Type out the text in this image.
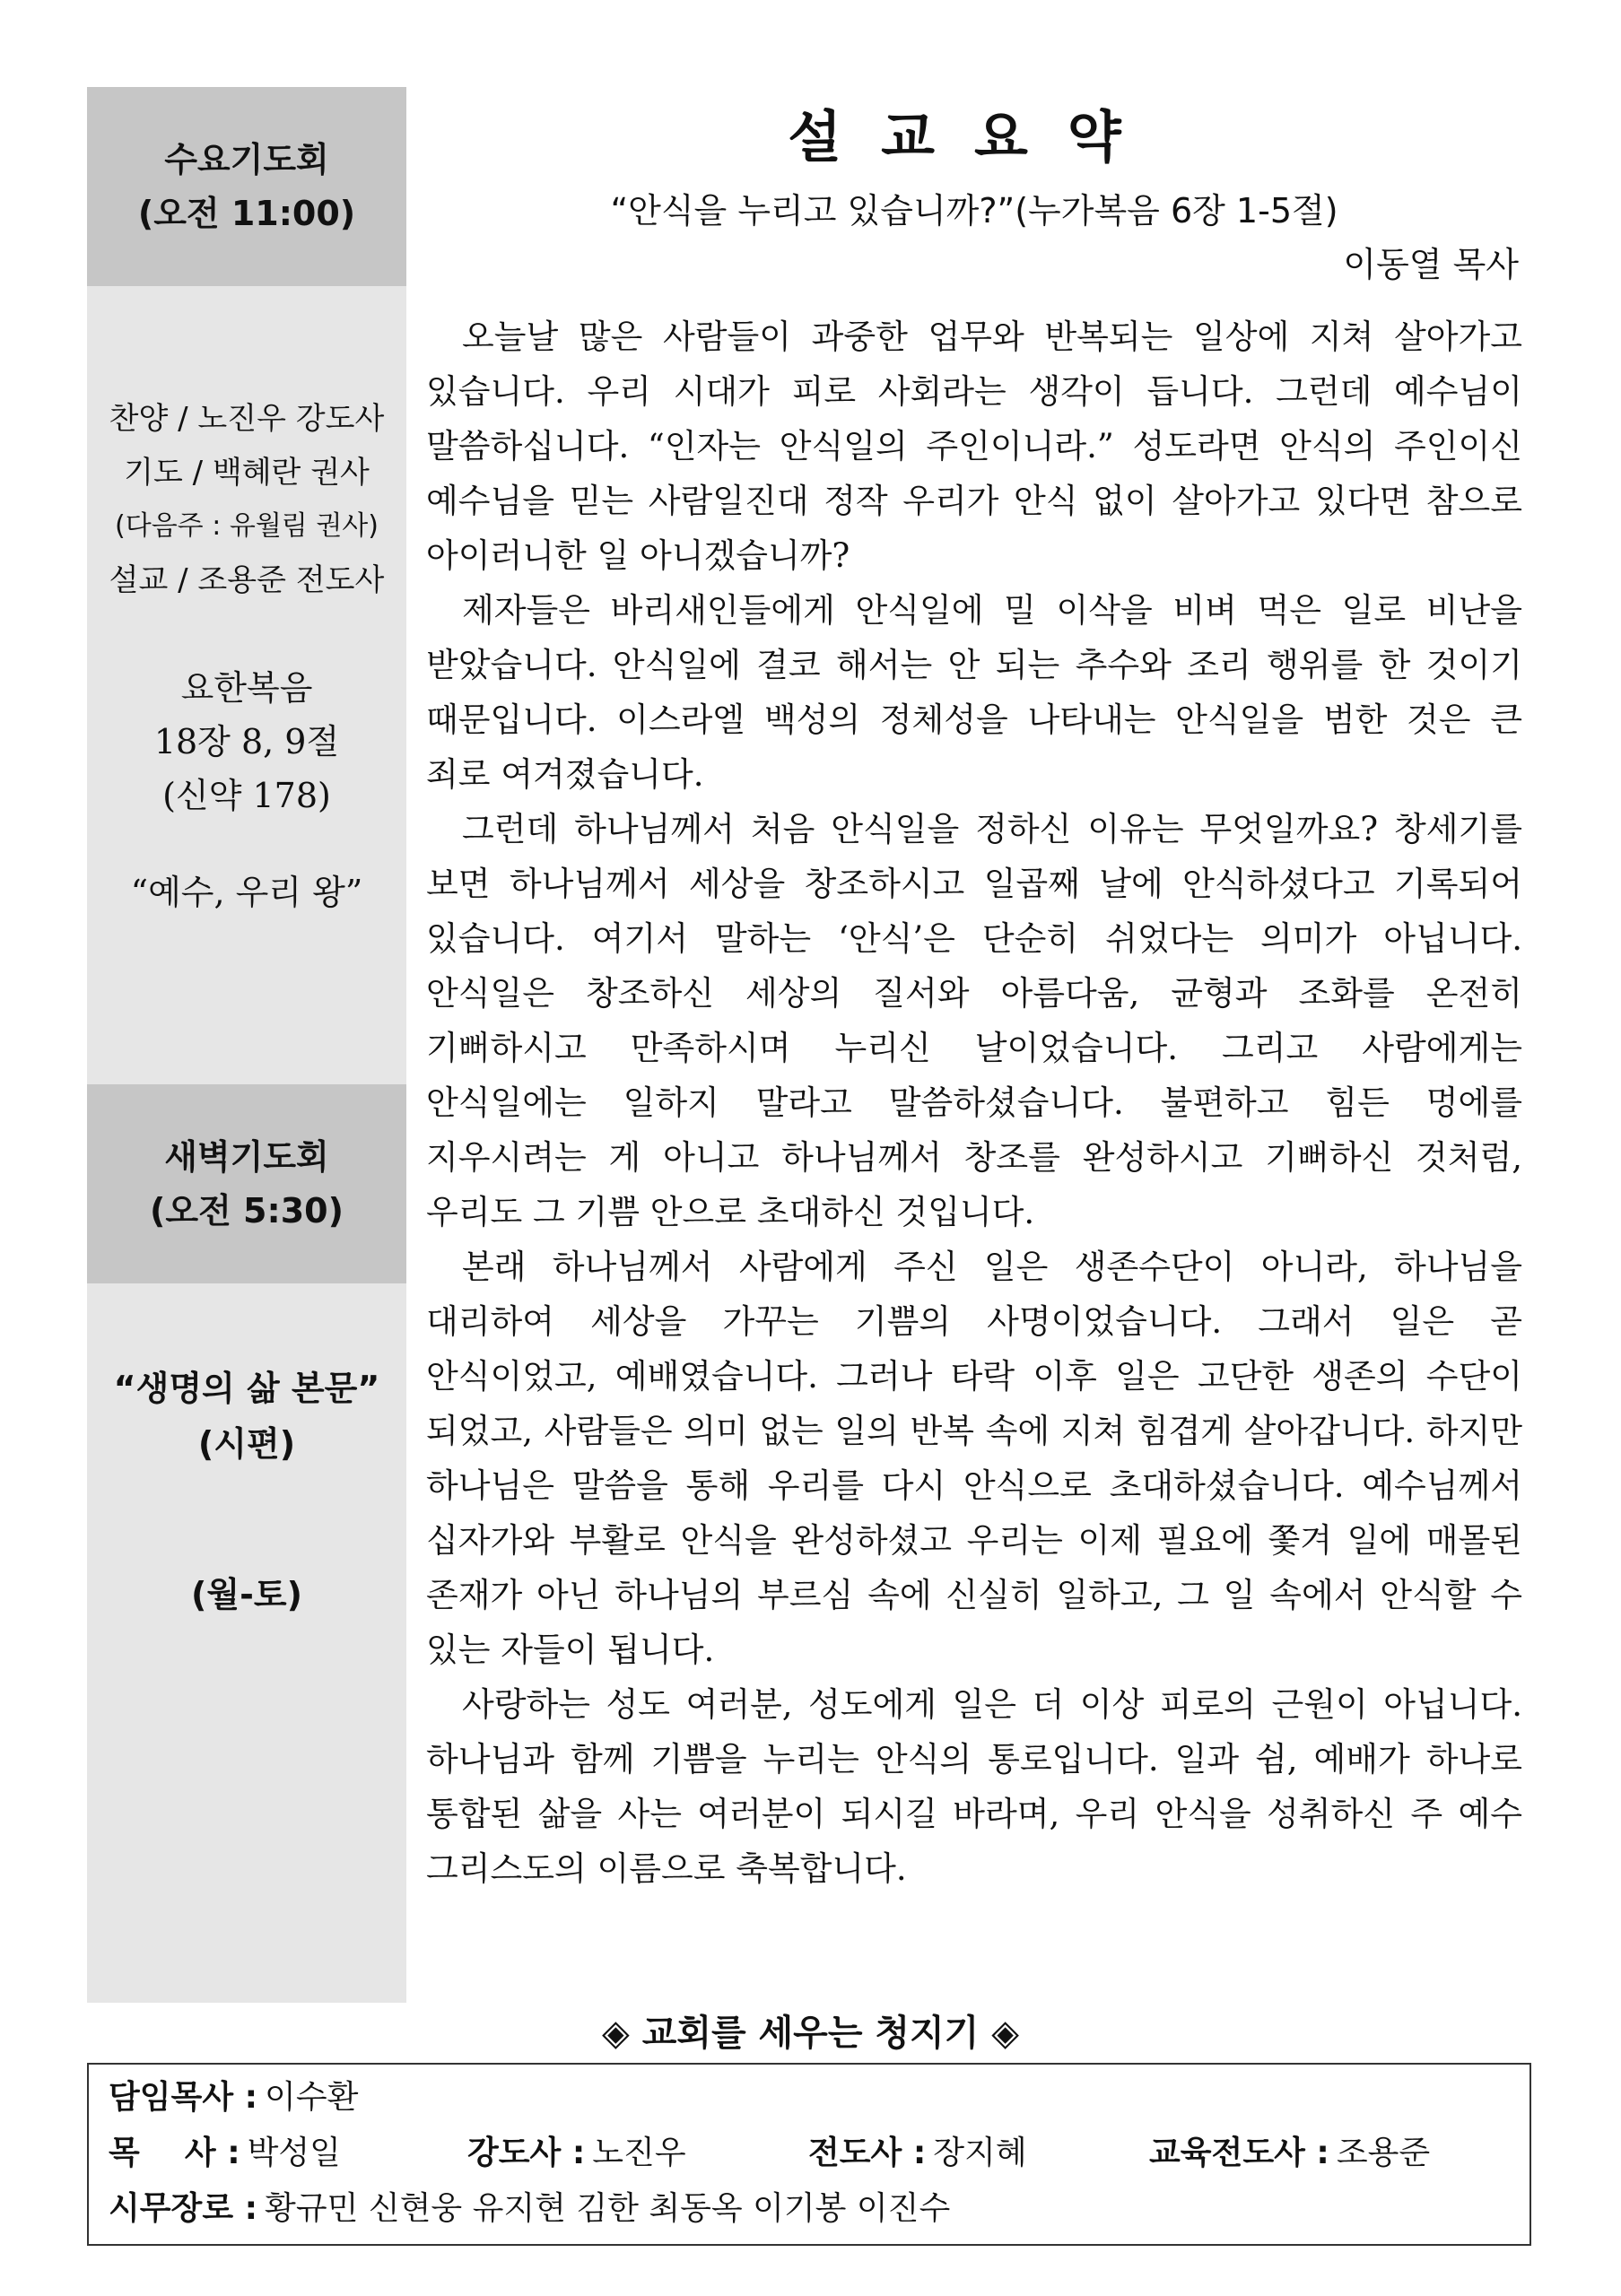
수요기도회
(오전 11:00)
찬양 / 노진우 강도사
기도 / 백혜란 권사
(다음주 : 유월림 권사)
설교 / 조용준 전도사
요한복음
18장 8, 9절
(신약 178)
“예수, 우리 왕”
새벽기도회
(오전 5:30)
“생명의 삶 본문”
(시편)
(월-토)
설교요약
“안식을 누리고 있습니까?”(누가복음 6장 1-5절)
이동열 목사

오늘날 많은 사람들이 과중한 업무와 반복되는 일상에 지쳐 살아가고 있습니다. 우리 시대가 피로 사회라는 생각이 듭니다. 그런데 예수님이 말씀하십니다. “인자는 안식일의 주인이니라.” 성도라면 안식의 주인이신 예수님을 믿는 사람일진대 정작 우리가 안식 없이 살아가고 있다면 참으로 아이러니한 일 아니겠습니까?

제자들은 바리새인들에게 안식일에 밀 이삭을 비벼 먹은 일로 비난을 받았습니다. 안식일에 결코 해서는 안 되는 추수와 조리 행위를 한 것이기 때문입니다. 이스라엘 백성의 정체성을 나타내는 안식일을 범한 것은 큰 죄로 여겨졌습니다.

그런데 하나님께서 처음 안식일을 정하신 이유는 무엇일까요? 창세기를 보면 하나님께서 세상을 창조하시고 일곱째 날에 안식하셨다고 기록되어 있습니다. 여기서 말하는 ‘안식’은 단순히 쉬었다는 의미가 아닙니다. 안식일은 창조하신 세상의 질서와 아름다움, 균형과 조화를 온전히 기뻐하시고 만족하시며 누리신 날이었습니다. 그리고 사람에게는 안식일에는 일하지 말라고 말씀하셨습니다. 불편하고 힘든 멍에를 지우시려는 게 아니고 하나님께서 창조를 완성하시고 기뻐하신 것처럼, 우리도 그 기쁨 안으로 초대하신 것입니다.

본래 하나님께서 사람에게 주신 일은 생존수단이 아니라, 하나님을 대리하여 세상을 가꾸는 기쁨의 사명이었습니다. 그래서 일은 곧 안식이었고, 예배였습니다. 그러나 타락 이후 일은 고단한 생존의 수단이 되었고, 사람들은 의미 없는 일의 반복 속에 지쳐 힘겹게 살아갑니다. 하지만 하나님은 말씀을 통해 우리를 다시 안식으로 초대하셨습니다. 예수님께서 십자가와 부활로 안식을 완성하셨고 우리는 이제 필요에 쫓겨 일에 매몰된 존재가 아닌 하나님의 부르심 속에 신실히 일하고, 그 일 속에서 안식할 수 있는 자들이 됩니다.

사랑하는 성도 여러분, 성도에게 일은 더 이상 피로의 근원이 아닙니다. 하나님과 함께 기쁨을 누리는 안식의 통로입니다. 일과 쉼, 예배가 하나로 통합된 삶을 사는 여러분이 되시길 바라며, 우리 안식을 성취하신 주 예수 그리스도의 이름으로 축복합니다.

◈ 교회를 세우는 청지기 ◈
담임목사 : 이수환
목    사 : 박성일	강도사 : 노진우	전도사 : 장지혜	교육전도사 : 조용준
시무장로 : 황규민 신현웅 유지현 김한 최동옥 이기봉 이진수
